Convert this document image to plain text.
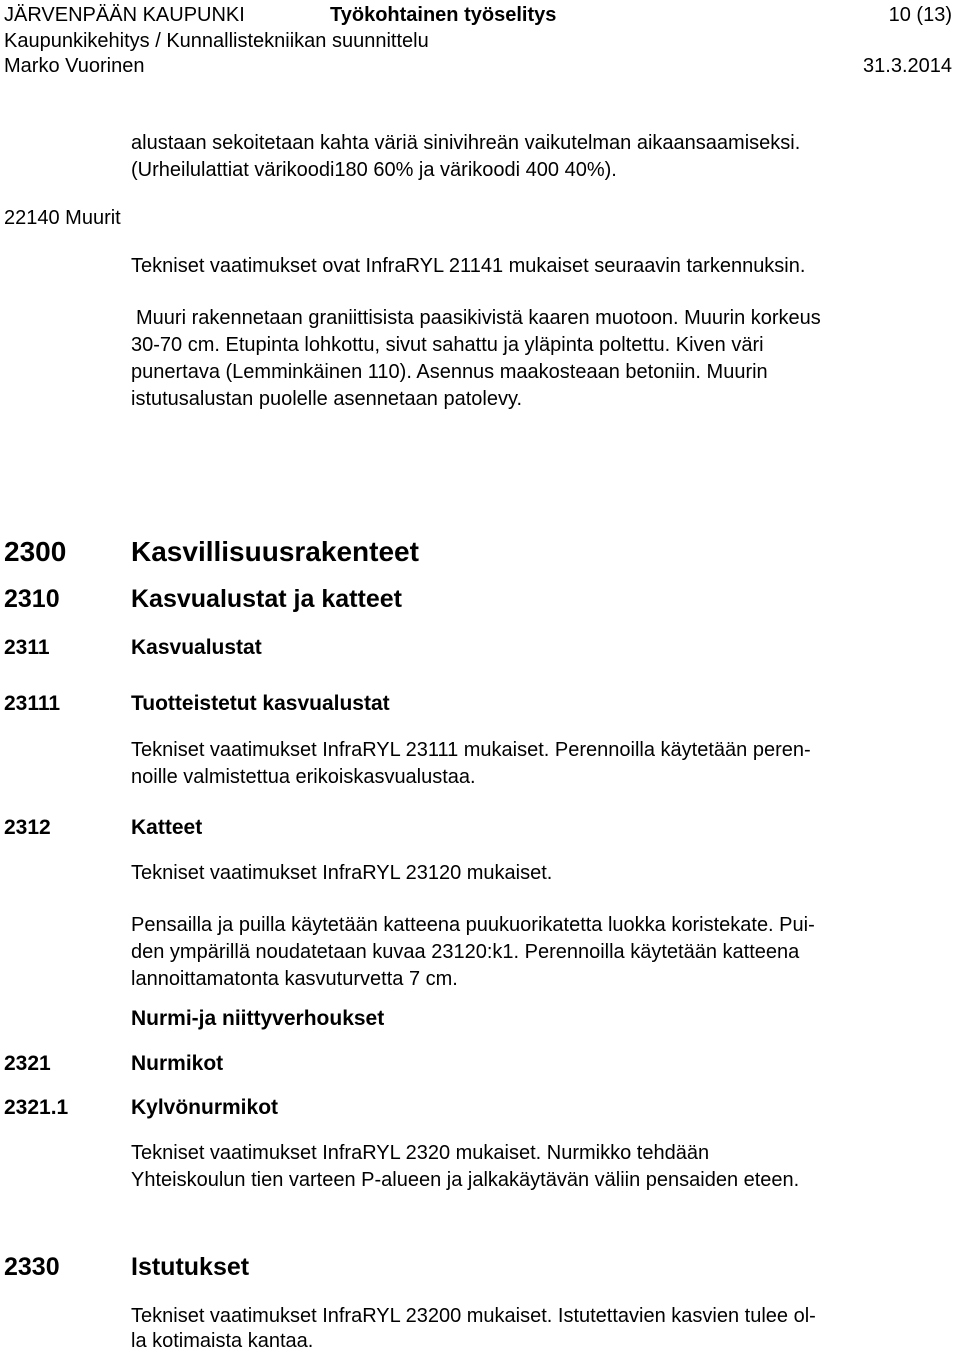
JÄRVENPÄÄN KAUPUNKI	Työkohtainen työselitys	10 (13)
Kaupunkikehitys / Kunnallistekniikan suunnittelu
Marko Vuorinen	31.3.2014
alustaan sekoitetaan kahta väriä sinivihreän vaikutelman aikaansaamiseksi.
(Urheilulattiat värikoodi180 60% ja värikoodi 400 40%).
22140 Muurit
Tekniset vaatimukset ovat InfraRYL 21141 mukaiset seuraavin tarkennuksin.
Muuri rakennetaan graniittisista paasikivistä kaaren muotoon. Muurin korkeus
30-70 cm. Etupinta lohkottu, sivut sahattu ja yläpinta poltettu. Kiven väri
punertava (Lemminkäinen 110). Asennus maakosteaan betoniin. Muurin
istutusalustan puolelle asennetaan patolevy.
2300 Kasvillisuusrakenteet
2310	Kasvualustat ja katteet
2311	Kasvualustat
23111	Tuotteistetut kasvualustat
Tekniset vaatimukset InfraRYL 23111 mukaiset. Perennoilla käytetään peren-
noille valmistettua erikoiskasvualustaa.
2312	Katteet
Tekniset vaatimukset InfraRYL 23120 mukaiset.
Pensailla ja puilla käytetään katteena puukuorikatetta luokka koristekate. Pui-
den ympärillä noudatetaan kuvaa 23120:k1. Perennoilla käytetään katteena
lannoittamatonta kasvuturvetta 7 cm.
Nurmi-ja niittyverhoukset
2321	Nurmikot
2321.1	Kylvönurmikot
Tekniset vaatimukset InfraRYL 2320 mukaiset. Nurmikko tehdään
Yhteiskoulun tien varteen P-alueen ja jalkakäytävän väliin pensaiden eteen.
2330	Istutukset
Tekniset vaatimukset InfraRYL 23200 mukaiset. Istutettavien kasvien tulee ol-
la kotimaista kantaa.
